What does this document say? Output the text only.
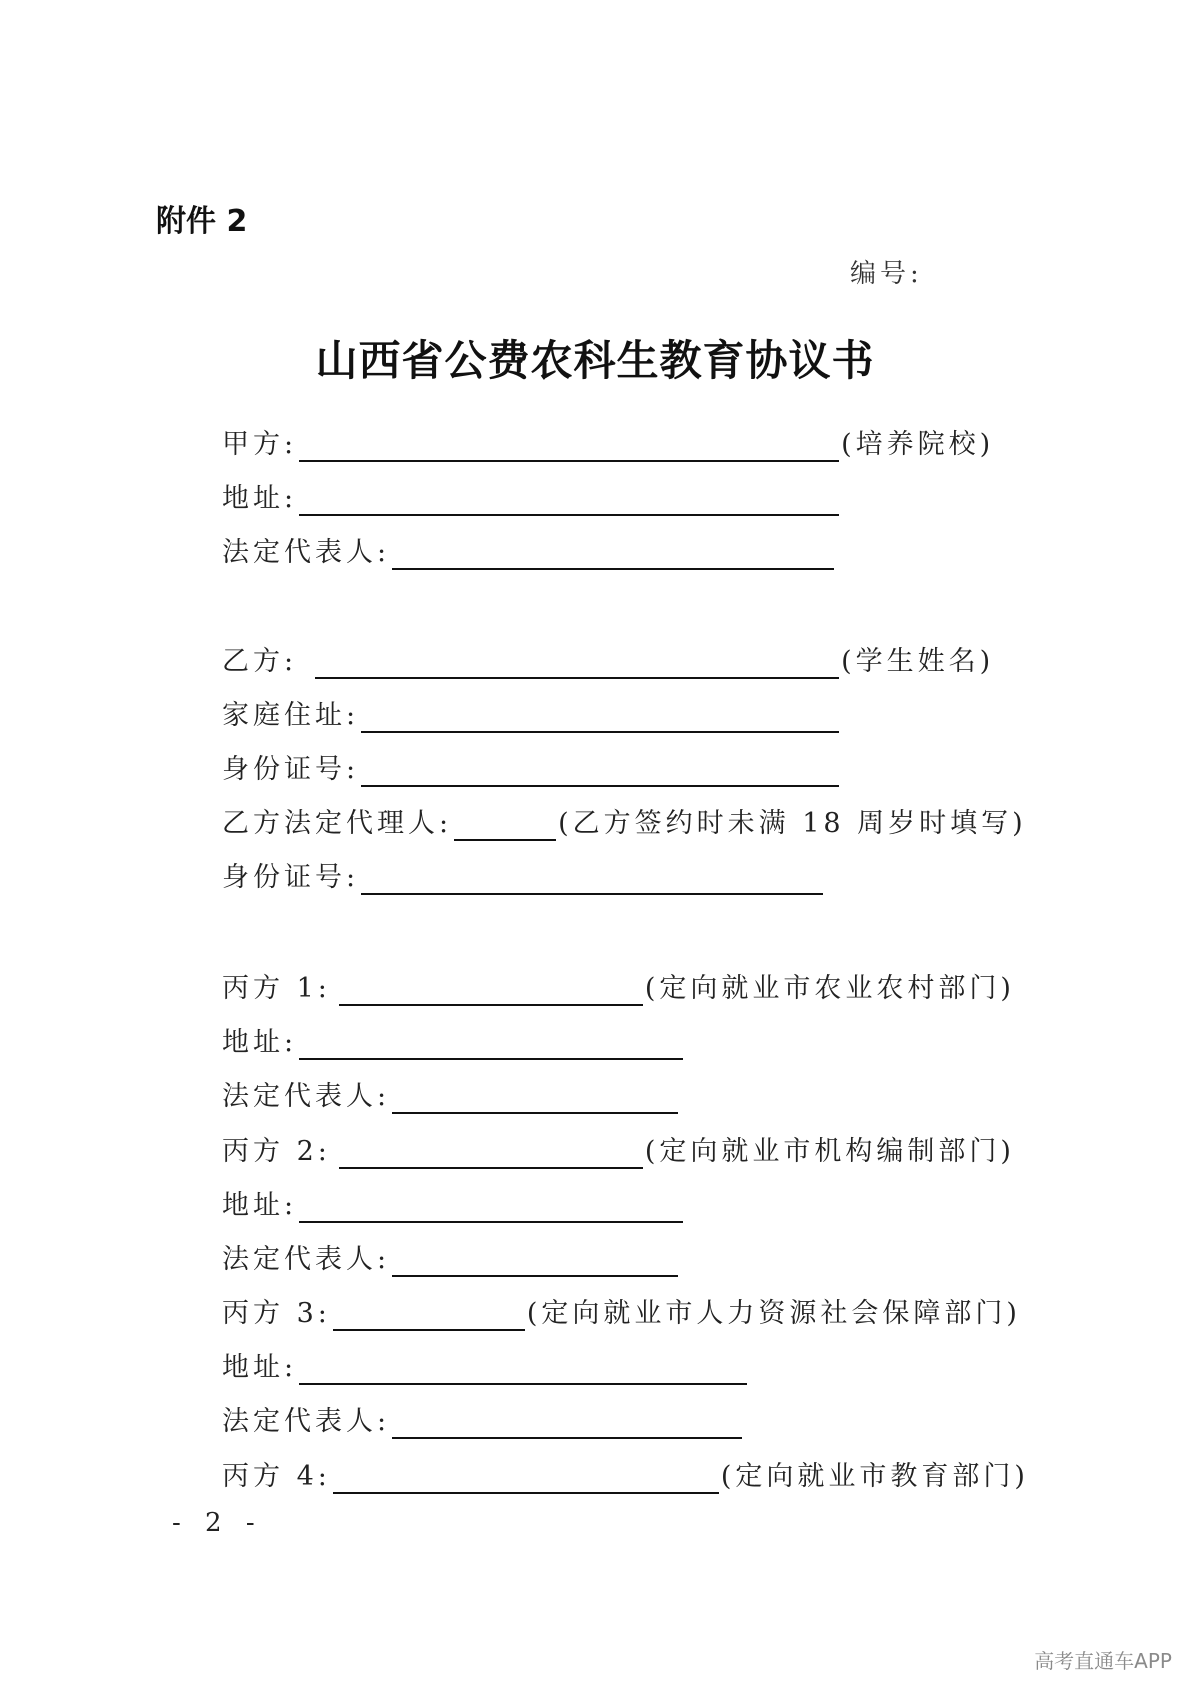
附件 2
编号:
山西省公费农科生教育协议书
甲方:	(培养院校)
地址:
法定代表人:
乙方:	(学生姓名)
家庭住址:
身份证号:
乙方法定代理人:	(乙方签约时未满 18 周岁时填写)
身份证号:
丙方 1:	(定向就业市农业农村部门)
地址:
法定代表人:
丙方 2:	(定向就业市机构编制部门)
地址:
法定代表人:
丙方 3:	(定向就业市人力资源社会保障部门)
地址:
法定代表人:
丙方 4:	(定向就业市教育部门)
- 2 -
高考直通车APP
